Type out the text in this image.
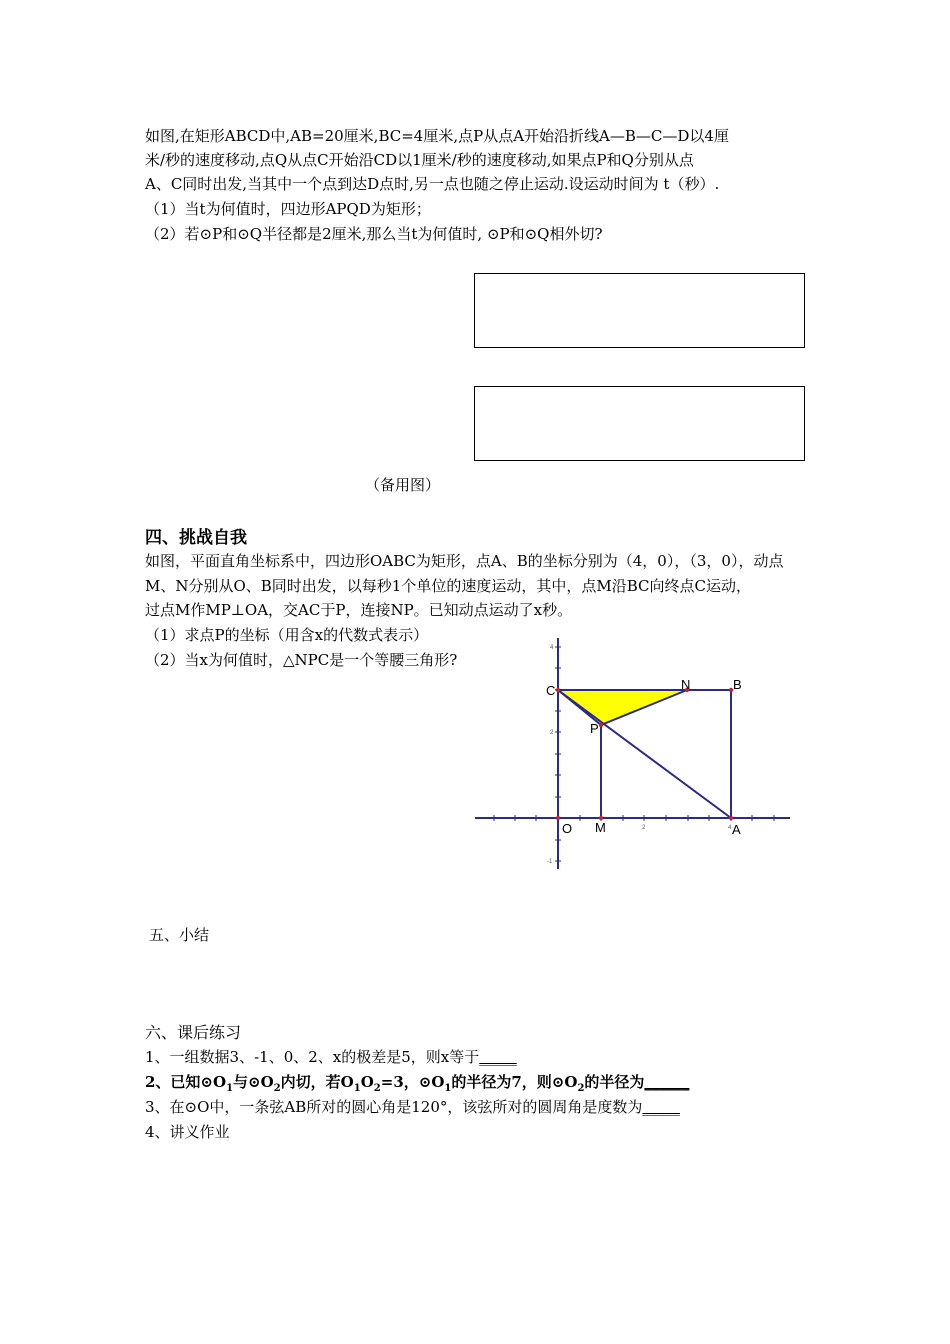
如图,在矩形ABCD中,AB=20厘米,BC=4厘米,点P从点A开始沿折线A—B—C—D以4厘
米/秒的速度移动,点Q从点C开始沿CD以1厘米/秒的速度移动,如果点P和Q分别从点
A、C同时出发,当其中一个点到达D点时,另一点也随之停止运动.设运动时间为 t（秒）.
（1）当t为何值时，四边形APQD为矩形；
（2）若⊙P和⊙Q半径都是2厘米,那么当t为何值时, ⊙P和⊙Q相外切?
（备用图）
四、挑战自我
如图，平面直角坐标系中，四边形OABC为矩形，点A、B的坐标分别为（4，0），（3，0），动点
M、N分别从O、B同时出发，以每秒1个单位的速度运动，其中，点M沿BC向终点C运动，
过点M作MP⊥OA，交AC于P，连接NP。已知动点运动了x秒。
（1）求点P的坐标（用含x的代数式表示）
（2）当x为何值时，△NPC是一个等腰三角形?
C	N	B
P
O M	A
4
2
-1
2	4
五、小结
六、课后练习
1、一组数据3、-1、0、2、x的极差是5，则x等于_____
2、已知$⊙O_1$与$⊙O_2$内切，若$O_1O_2=3$，$⊙O_1$的半径为7，则$⊙O_2$的半径为______
3、在⊙O中，一条弦AB所对的圆心角是120°，该弦所对的圆周角是度数为_____
4、讲义作业
